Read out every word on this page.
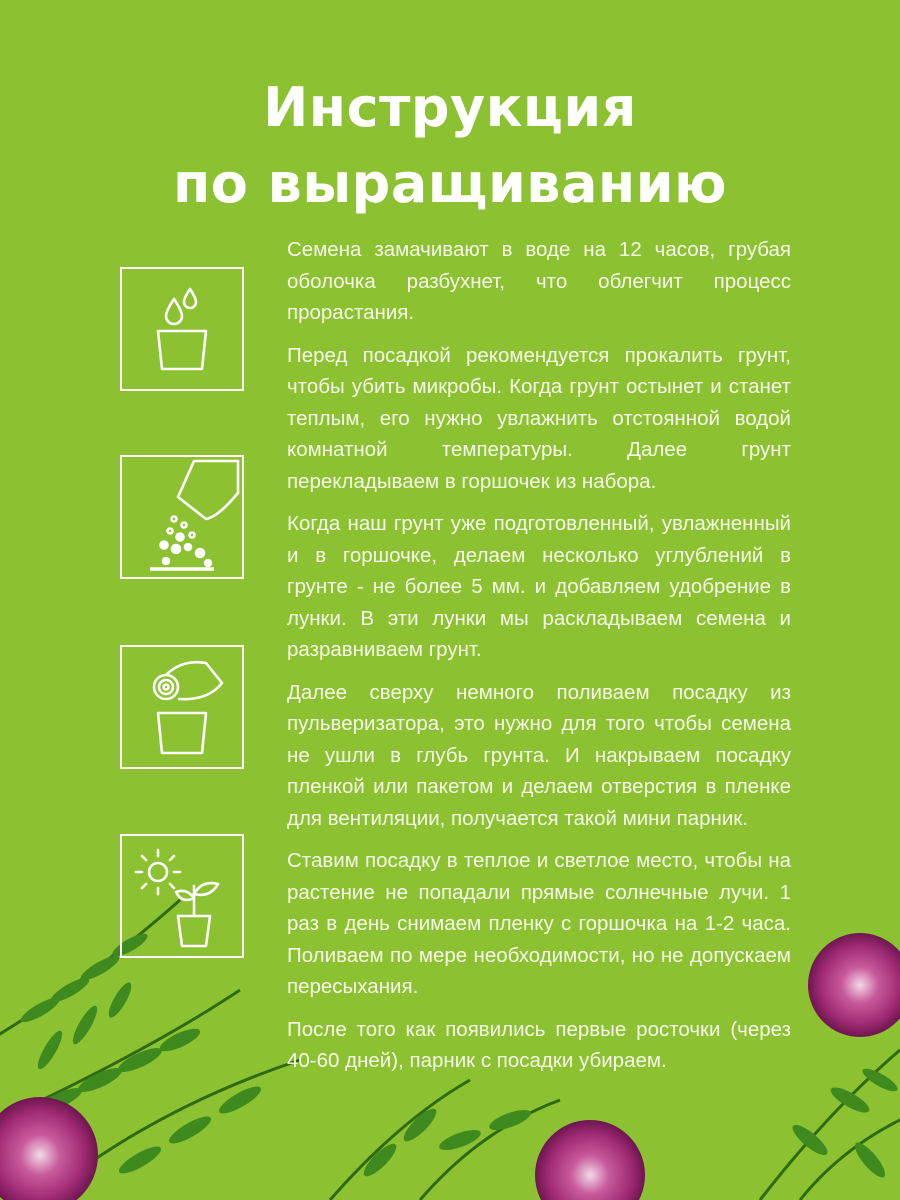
Инструкция
по выращиванию

Семена замачивают в воде на 12 часов, грубая оболочка разбухнет, что облегчит процесс прорастания.

Перед посадкой рекомендуется прокалить грунт, чтобы убить микробы. Когда грунт остынет и станет теплым, его нужно увлажнить отстоянной водой комнатной температуры. Далее грунт перекладываем в горшочек из набора.

Когда наш грунт уже подготовленный, увлажненный и в горшочке, делаем несколько углублений в грунте - не более 5 мм. и добавляем удобрение в лунки. В эти лунки мы раскладываем семена и разравниваем грунт.

Далее сверху немного поливаем посадку из пульверизатора, это нужно для того чтобы семена не ушли в глубь грунта. И накрываем посадку пленкой или пакетом и делаем отверстия в пленке для вентиляции, получается такой мини парник.

Ставим посадку в теплое и светлое место, чтобы на растение не попадали прямые солнечные лучи. 1 раз в день снимаем пленку с горшочка на 1-2 часа. Поливаем по мере необходимости, но не допускаем пересыхания.

После того как появились первые росточки (через 40-60 дней), парник с посадки убираем.
